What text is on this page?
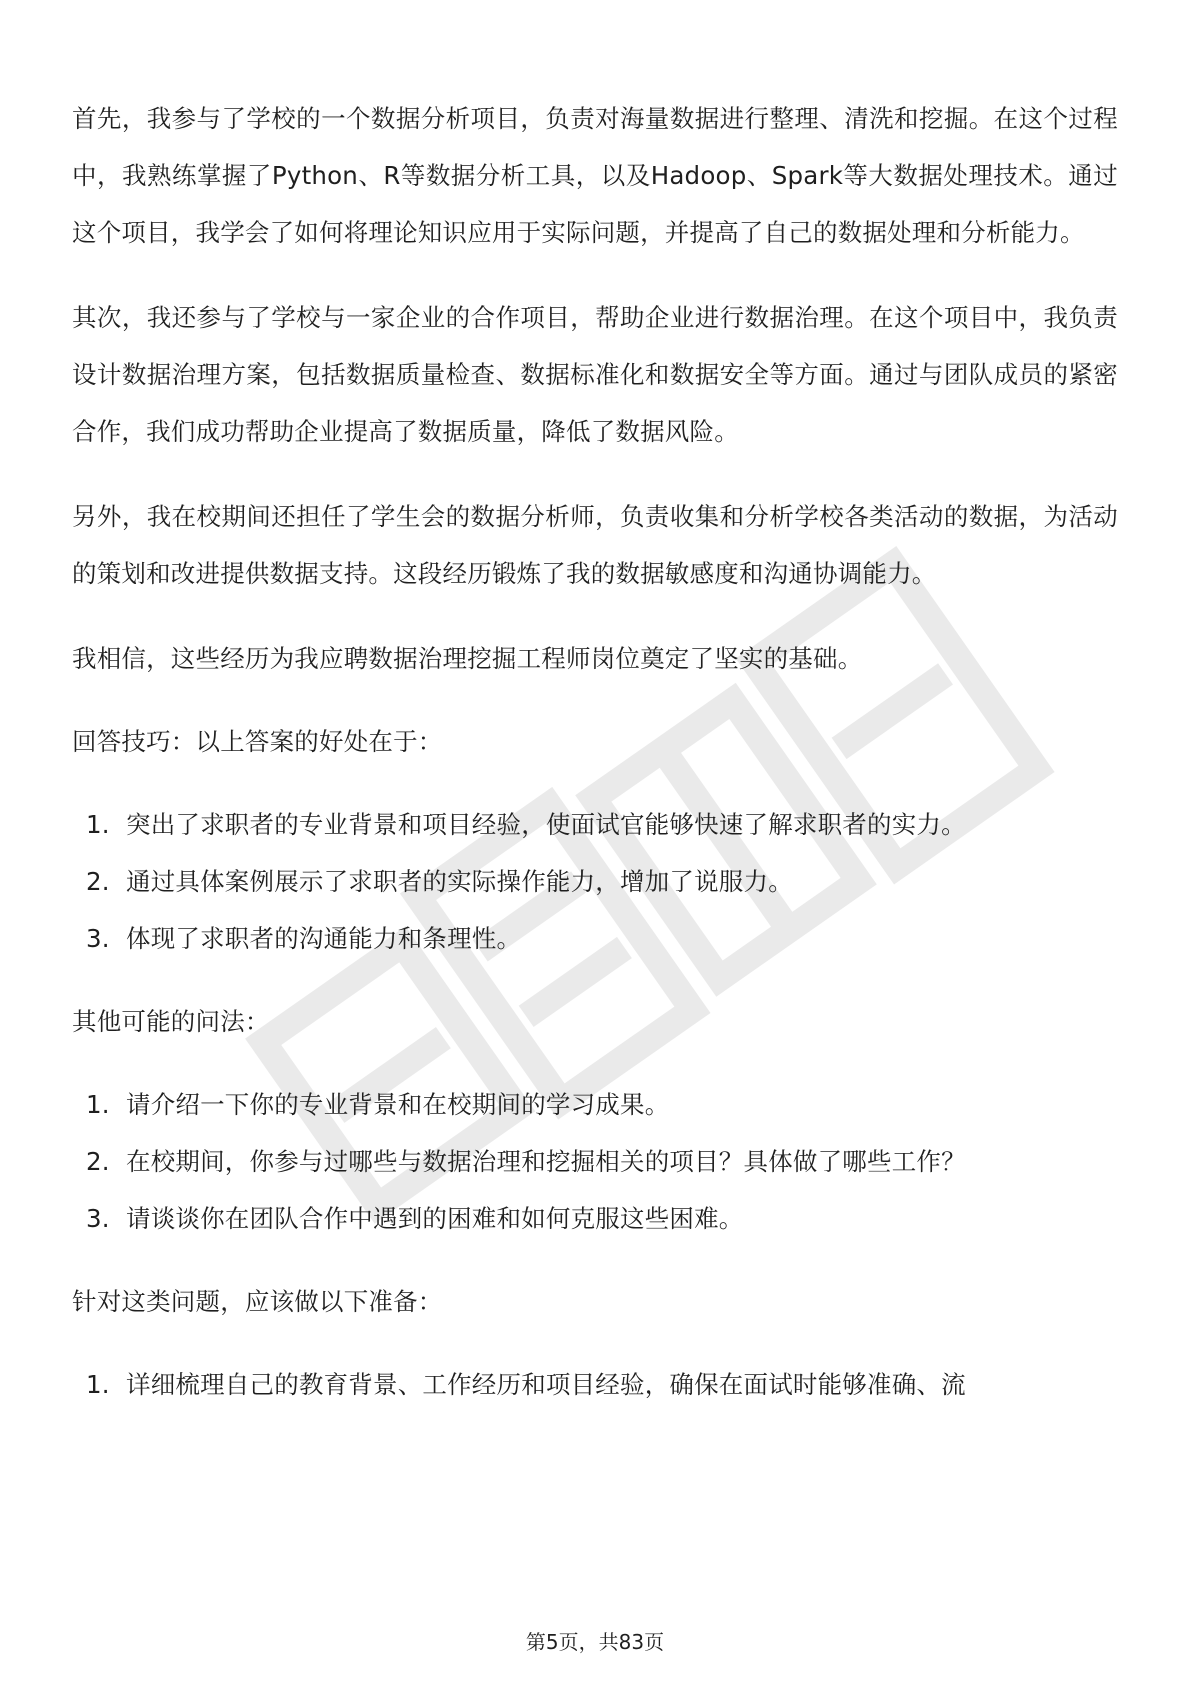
首先，我参与了学校的一个数据分析项目，负责对海量数据进行整理、清洗和挖掘。在这个过程中，我熟练掌握了Python、R等数据分析工具，以及Hadoop、Spark等大数据处理技术。通过这个项目，我学会了如何将理论知识应用于实际问题，并提高了自己的数据处理和分析能力。

其次，我还参与了学校与一家企业的合作项目，帮助企业进行数据治理。在这个项目中，我负责设计数据治理方案，包括数据质量检查、数据标准化和数据安全等方面。通过与团队成员的紧密合作，我们成功帮助企业提高了数据质量，降低了数据风险。

另外，我在校期间还担任了学生会的数据分析师，负责收集和分析学校各类活动的数据，为活动的策划和改进提供数据支持。这段经历锻炼了我的数据敏感度和沟通协调能力。

我相信，这些经历为我应聘数据治理挖掘工程师岗位奠定了坚实的基础。

回答技巧：以上答案的好处在于：

1. 突出了求职者的专业背景和项目经验，使面试官能够快速了解求职者的实力。
2. 通过具体案例展示了求职者的实际操作能力，增加了说服力。
3. 体现了求职者的沟通能力和条理性。

其他可能的问法：

1. 请介绍一下你的专业背景和在校期间的学习成果。
2. 在校期间，你参与过哪些与数据治理和挖掘相关的项目？具体做了哪些工作？
3. 请谈谈你在团队合作中遇到的困难和如何克服这些困难。

针对这类问题，应该做以下准备：

1. 详细梳理自己的教育背景、工作经历和项目经验，确保在面试时能够准确、流
第5页，共83页
